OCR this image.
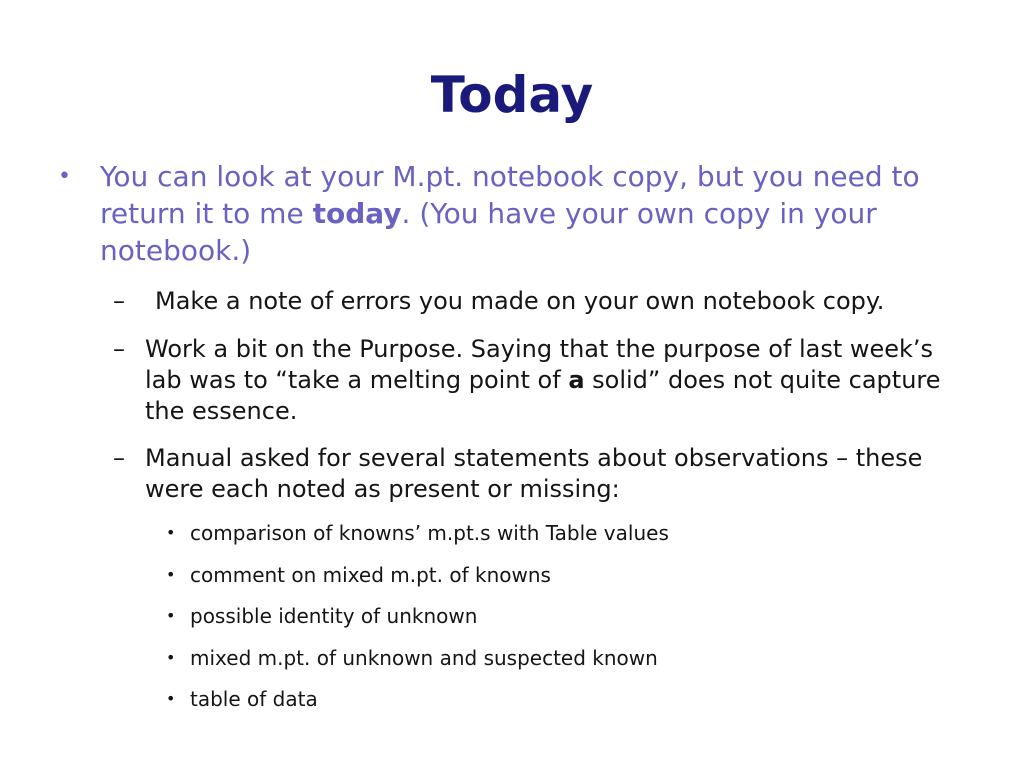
Today
• You can look at your M.pt. notebook copy, but you need to return it to me today. (You have your own copy in your notebook.)
– Make a note of errors you made on your own notebook copy.
– Work a bit on the Purpose. Saying that the purpose of last week’s lab was to “take a melting point of a solid” does not quite capture the essence.
– Manual asked for several statements about observations – these were each noted as present or missing:
• comparison of knowns’ m.pt.s with Table values
• comment on mixed m.pt. of knowns
• possible identity of unknown
• mixed m.pt. of unknown and suspected known
• table of data
